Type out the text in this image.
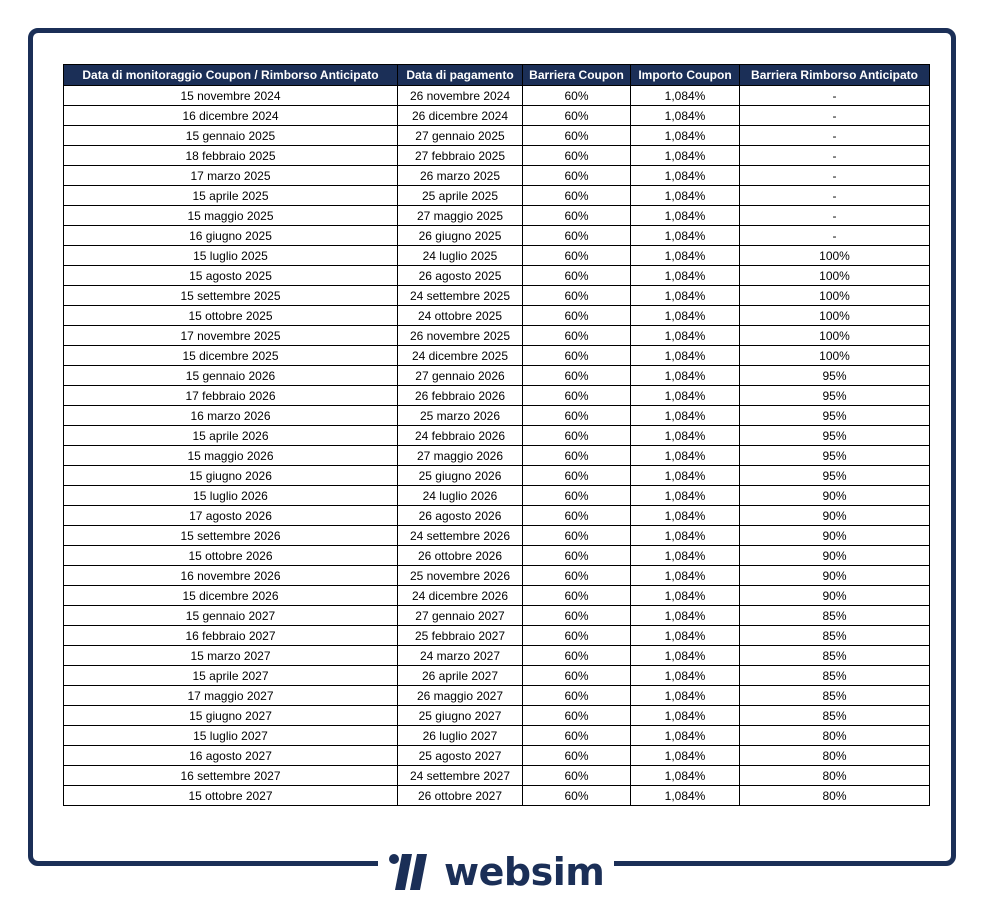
Data di monitoraggio Coupon / Rimborso Anticipato	Data di pagamento	Barriera Coupon	Importo Coupon	Barriera Rimborso Anticipato
15 novembre 2024	26 novembre 2024	60%	1,084%	-
16 dicembre 2024	26 dicembre 2024	60%	1,084%	-
15 gennaio 2025	27 gennaio 2025	60%	1,084%	-
18 febbraio 2025	27 febbraio 2025	60%	1,084%	-
17 marzo 2025	26 marzo 2025	60%	1,084%	-
15 aprile 2025	25 aprile 2025	60%	1,084%	-
15 maggio 2025	27 maggio 2025	60%	1,084%	-
16 giugno 2025	26 giugno 2025	60%	1,084%	-
15 luglio 2025	24 luglio 2025	60%	1,084%	100%
15 agosto 2025	26 agosto 2025	60%	1,084%	100%
15 settembre 2025	24 settembre 2025	60%	1,084%	100%
15 ottobre 2025	24 ottobre 2025	60%	1,084%	100%
17 novembre 2025	26 novembre 2025	60%	1,084%	100%
15 dicembre 2025	24 dicembre 2025	60%	1,084%	100%
15 gennaio 2026	27 gennaio 2026	60%	1,084%	95%
17 febbraio 2026	26 febbraio 2026	60%	1,084%	95%
16 marzo 2026	25 marzo 2026	60%	1,084%	95%
15 aprile 2026	24 febbraio 2026	60%	1,084%	95%
15 maggio 2026	27 maggio 2026	60%	1,084%	95%
15 giugno 2026	25 giugno 2026	60%	1,084%	95%
15 luglio 2026	24 luglio 2026	60%	1,084%	90%
17 agosto 2026	26 agosto 2026	60%	1,084%	90%
15 settembre 2026	24 settembre 2026	60%	1,084%	90%
15 ottobre 2026	26 ottobre 2026	60%	1,084%	90%
16 novembre 2026	25 novembre 2026	60%	1,084%	90%
15 dicembre 2026	24 dicembre 2026	60%	1,084%	90%
15 gennaio 2027	27 gennaio 2027	60%	1,084%	85%
16 febbraio 2027	25 febbraio 2027	60%	1,084%	85%
15 marzo 2027	24 marzo 2027	60%	1,084%	85%
15 aprile 2027	26 aprile 2027	60%	1,084%	85%
17 maggio 2027	26 maggio 2027	60%	1,084%	85%
15 giugno 2027	25 giugno 2027	60%	1,084%	85%
15 luglio 2027	26 luglio 2027	60%	1,084%	80%
16 agosto 2027	25 agosto 2027	60%	1,084%	80%
16 settembre 2027	24 settembre 2027	60%	1,084%	80%
15 ottobre 2027	26 ottobre 2027	60%	1,084%	80%
websim
